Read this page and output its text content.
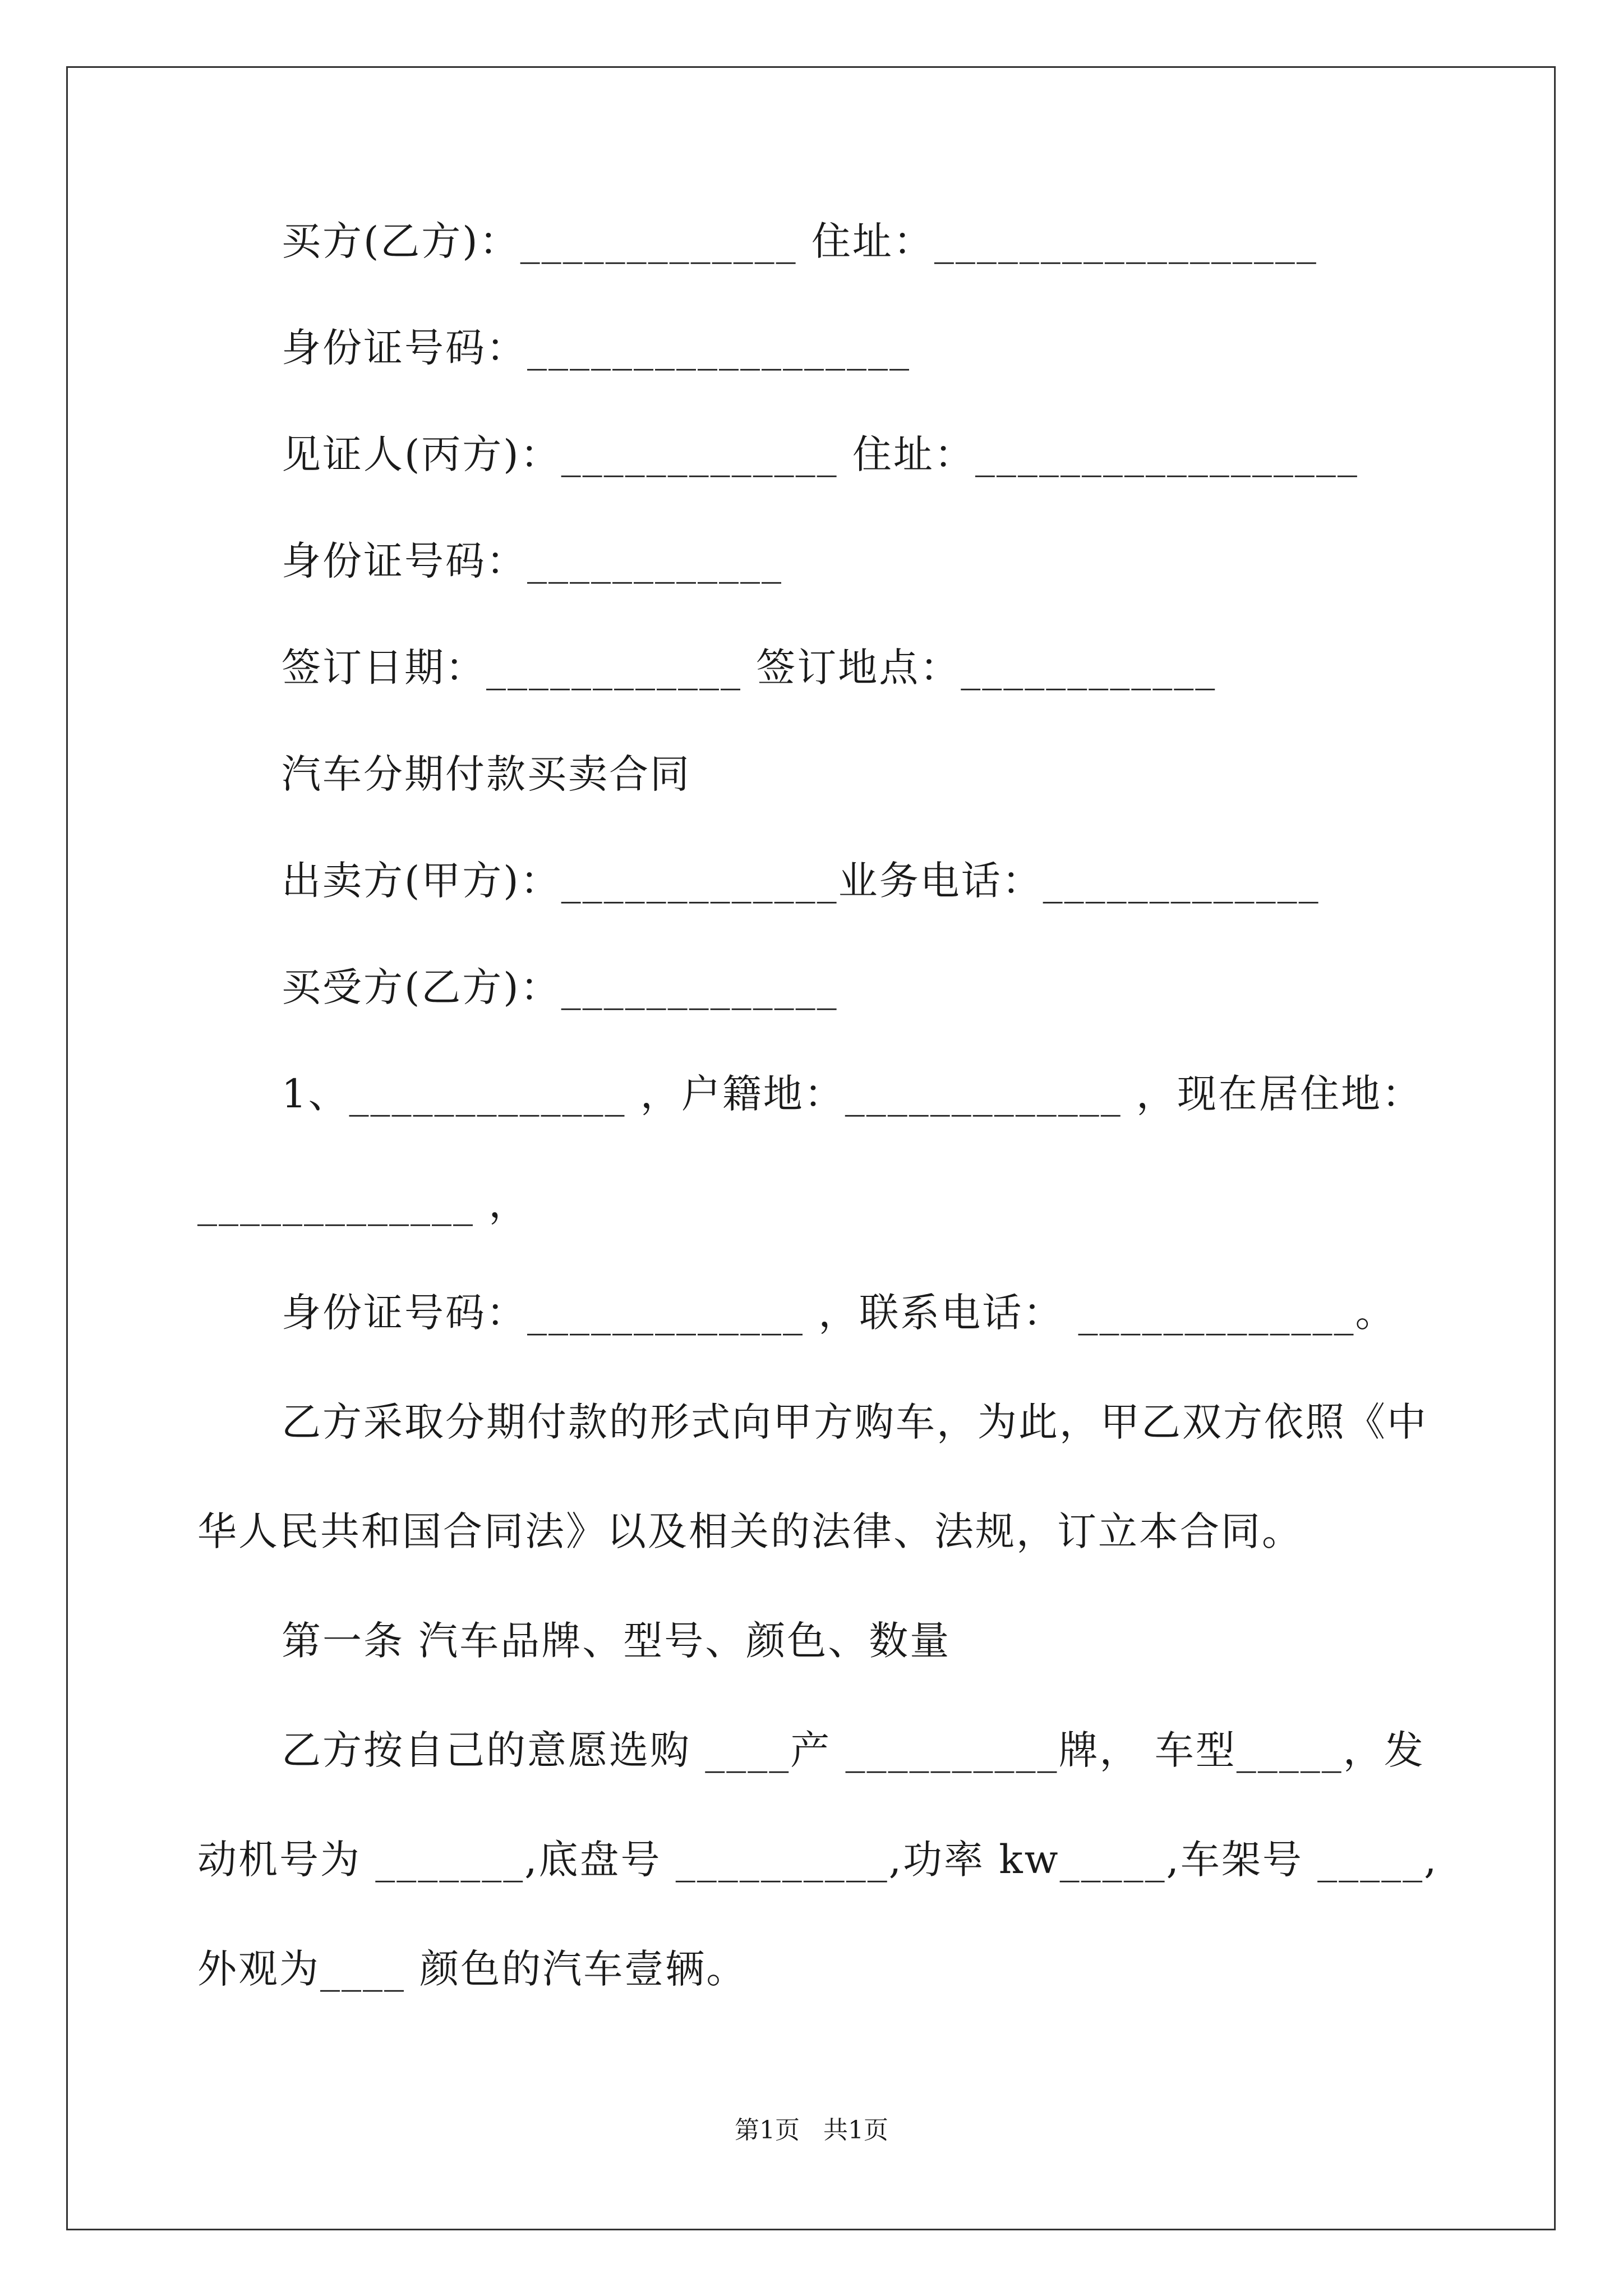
买方(乙方)：_____________ 住址：__________________
身份证号码：__________________
见证人(丙方)：_____________ 住址：__________________
身份证号码：____________
签订日期：____________ 签订地点：____________
汽车分期付款买卖合同
出卖方(甲方)：_____________业务电话：_____________
买受方(乙方)：_____________
1、_____________ ，户籍地：_____________ ，现在居住地：
_____________ ，
身份证号码：_____________ ，联系电话： _____________。
乙方采取分期付款的形式向甲方购车，为此，甲乙双方依照《中
华人民共和国合同法》以及相关的法律、法规，订立本合同。
第一条 汽车品牌、型号、颜色、数量
乙方按自己的意愿选购 ____产 __________牌， 车型_____，发
动机号为 _______,底盘号 __________,功率 kw_____,车架号 _____,
外观为____ 颜色的汽车壹辆。
第1页   共1页
